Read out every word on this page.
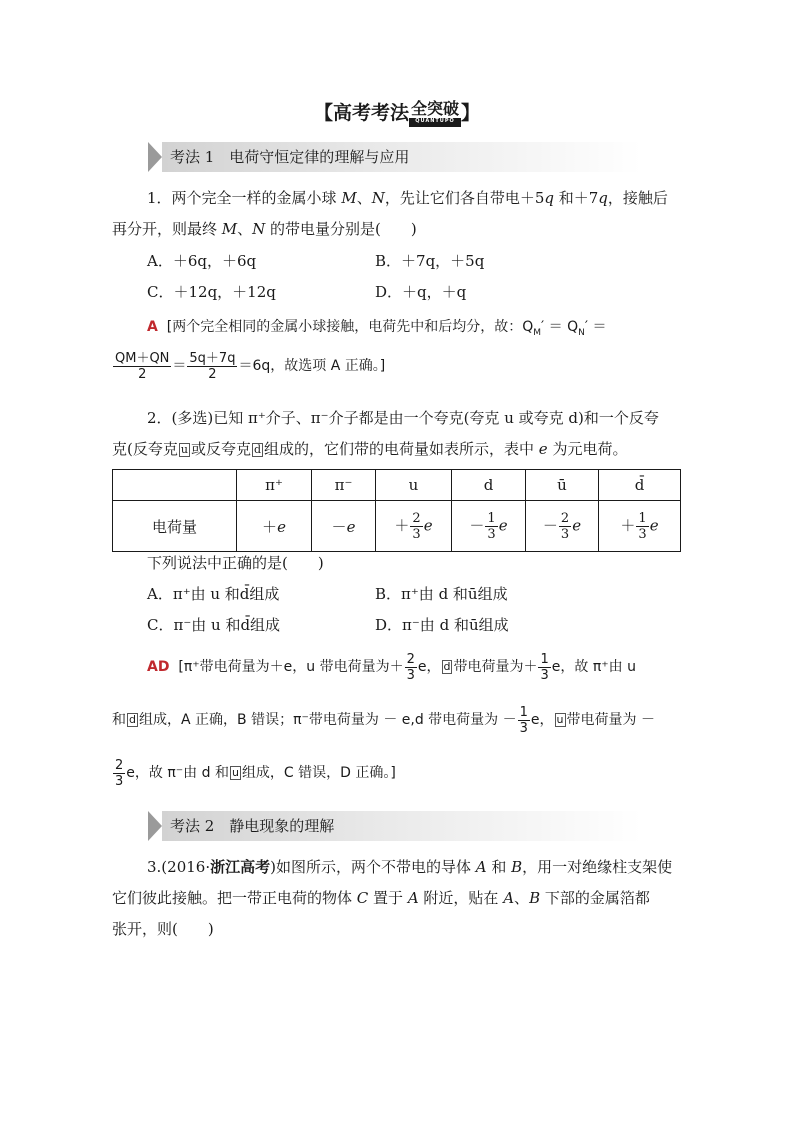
【高考考法 全突破
QUANTUPO 】
考法 1　电荷守恒定律的理解与应用
1．两个完全一样的金属小球 M、N，先让它们各自带电＋5q 和＋7q，接触后
再分开，则最终 M、N 的带电量分别是(　　)
A．＋6q，＋6q	B．＋7q，＋5q
C．＋12q，＋12q	D．＋q，＋q
A [两个完全相同的金属小球接触，电荷先中和后均分，故：$Q_M' = Q_N'$ ＝
$\frac{QM+QN}{2} = \frac{5q+7q}{2} =6q$，故选项 A 正确。]
2．(多选)已知 π⁺介子、π⁻介子都是由一个夸克(夸克 u 或夸克 d)和一个反夸
克(反夸克 u 或反夸克 d 组成的，它们带的电荷量如表所示，表中 e 为元电荷。
	π⁺	π⁻	u	d	ū	d̄
电荷量	＋e	－e	＋ $\frac{2}{3}$ e	－ $\frac{1}{3}$ e	－ $\frac{2}{3}$ e	＋ $\frac{1}{3}$ e
下列说法中正确的是(　　)
A．π⁺由 u 和d̄组成	B．π⁺由 d 和ū组成
C．π⁻由 u 和d̄组成	D．π⁻由 d 和ū组成
AD [π⁺带电荷量为＋e，u 带电荷量为＋ $\frac{2}{3}$ e， d 带电荷量为＋ $\frac{1}{3}$ e，故 π⁺由 u
和 d 组成，A 正确，B 错误；π⁻带电荷量为 － e,d 带电荷量为 － $\frac{1}{3}$ e， u 带电荷量为 －
$\frac{2}{3}$ e，故 π⁻由 d 和 u 组成，C 错误，D 正确。]
考法 2　静电现象的理解
3.(2016·浙江高考)如图所示，两个不带电的导体 A 和 B，用一对绝缘柱支架使
它们彼此接触。把一带正电荷的物体 C 置于 A 附近，贴在 A、B 下部的金属箔都
张开，则(　　)
